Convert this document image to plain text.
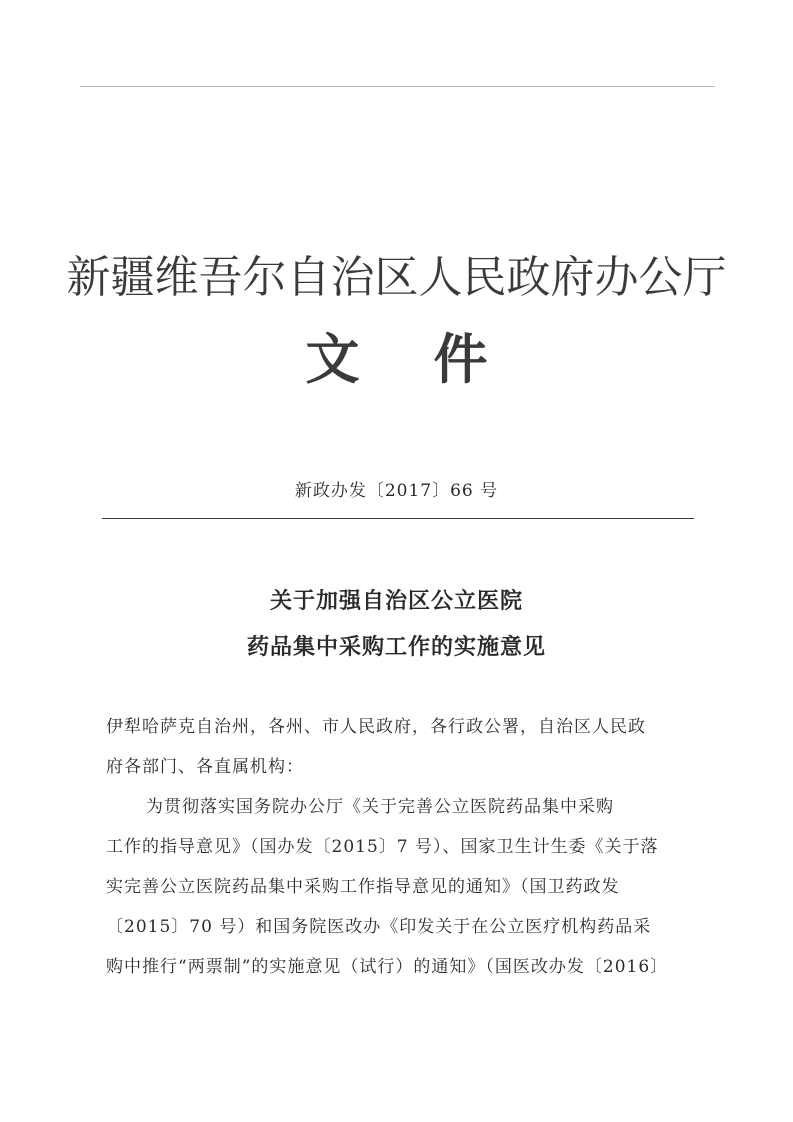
新疆维吾尔自治区人民政府办公厅
文 件
新政办发〔2017〕66 号
关于加强自治区公立医院
药品集中采购工作的实施意见
伊犁哈萨克自治州，各州、市人民政府，各行政公署，自治区人民政
府各部门、各直属机构：
为贯彻落实国务院办公厅《关于完善公立医院药品集中采购
工作的指导意见》（国办发〔2015〕7 号）、国家卫生计生委《关于落
实完善公立医院药品集中采购工作指导意见的通知》（国卫药政发
〔2015〕70 号）和国务院医改办《印发关于在公立医疗机构药品采
购中推行“两票制”的实施意见（试行）的通知》（国医改办发〔2016〕
